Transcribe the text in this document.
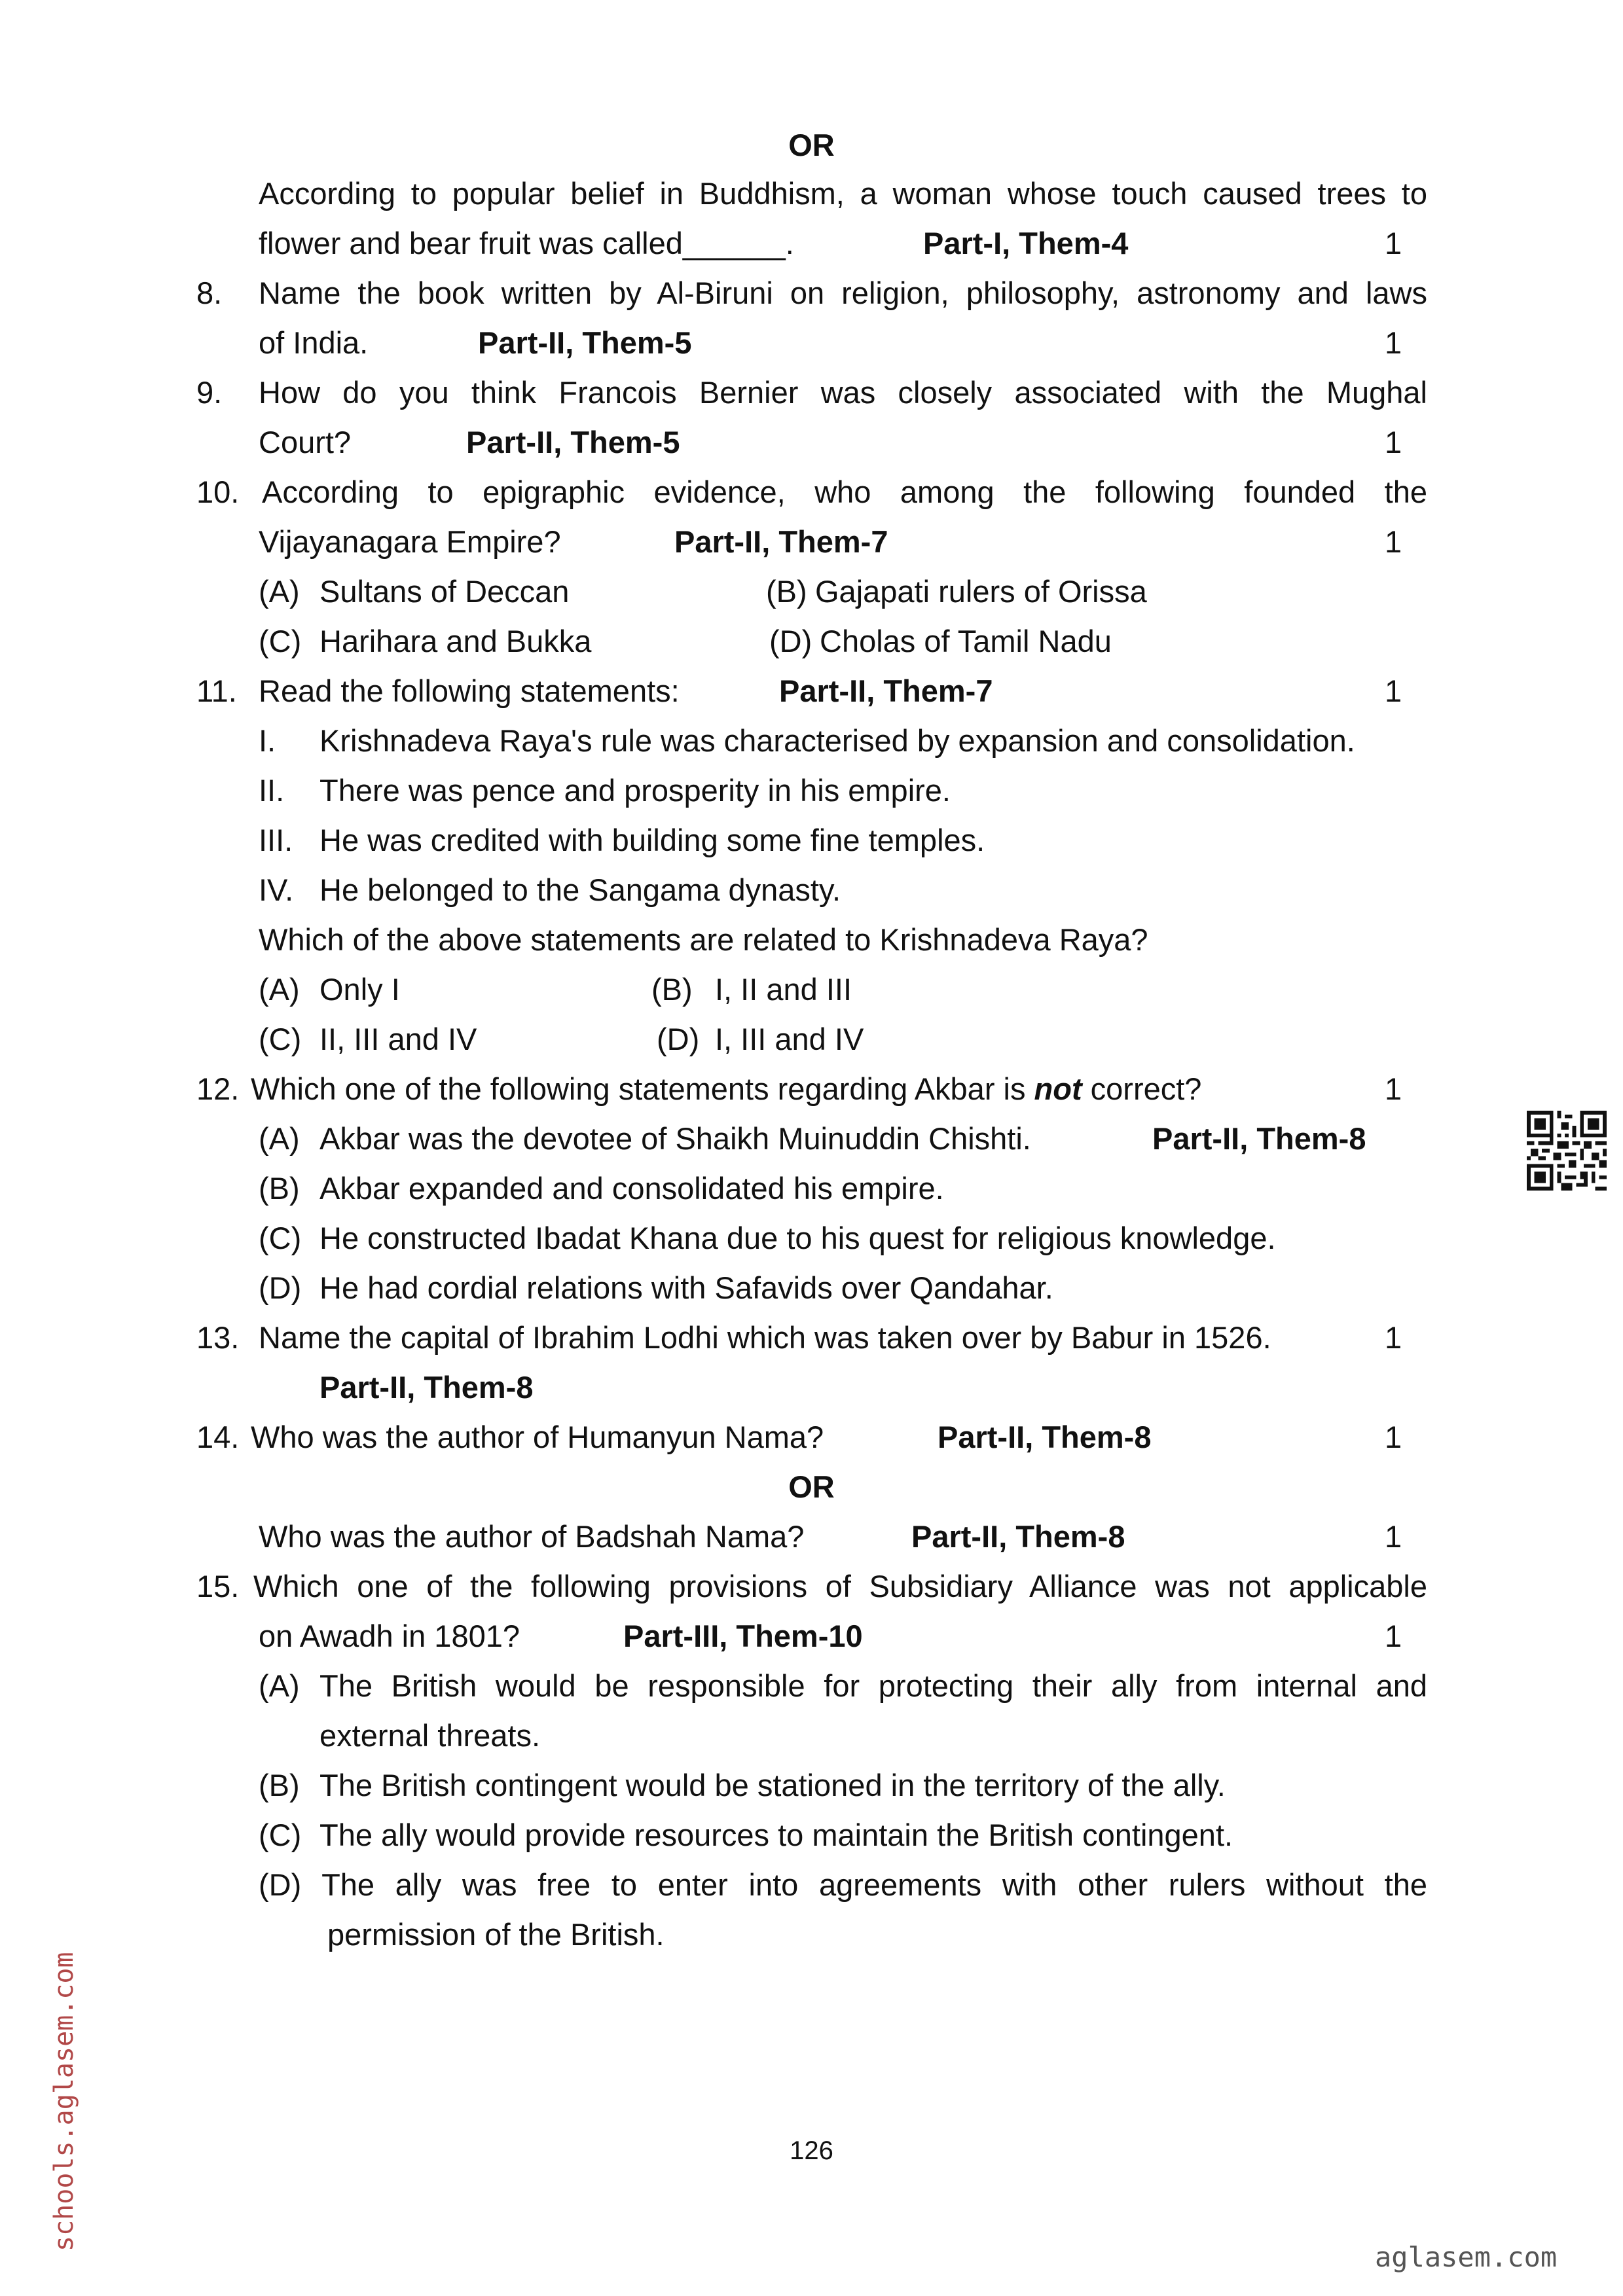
OR
According to popular belief in Buddhism, a woman whose touch caused trees to
flower and bear fruit was called______.	Part-I, Them-4	1
8. Name the book written by Al-Biruni on religion, philosophy, astronomy and laws
of India.	Part-II, Them-5	1
9. How do you think Francois Bernier was closely associated with the Mughal
Court?	Part-II, Them-5	1
10. According to epigraphic evidence, who among the following founded the
Vijayanagara Empire?	Part-II, Them-7	1
(A) Sultans of Deccan	(B) Gajapati rulers of Orissa
(C) Harihara and Bukka	(D) Cholas of Tamil Nadu
11. Read the following statements:	Part-II, Them-7	1
I. Krishnadeva Raya's rule was characterised by expansion and consolidation.
II. There was pence and prosperity in his empire.
III. He was credited with building some fine temples.
IV. He belonged to the Sangama dynasty.
Which of the above statements are related to Krishnadeva Raya?
(A) Only I	(B) I, II and III
(C) II, III and IV	(D) I, III and IV
12. Which one of the following statements regarding Akbar is not correct?	1
(A) Akbar was the devotee of Shaikh Muinuddin Chishti.	Part-II, Them-8
(B) Akbar expanded and consolidated his empire.
(C) He constructed Ibadat Khana due to his quest for religious knowledge.
(D) He had cordial relations with Safavids over Qandahar.
13. Name the capital of Ibrahim Lodhi which was taken over by Babur in 1526.	1
Part-II, Them-8
14. Who was the author of Humanyun Nama?	Part-II, Them-8	1
OR
Who was the author of Badshah Nama?	Part-II, Them-8	1
15. Which one of the following provisions of Subsidiary Alliance was not applicable
on Awadh in 1801?	Part-III, Them-10	1
(A) The British would be responsible for protecting their ally from internal and
external threats.
(B) The British contingent would be stationed in the territory of the ally.
(C) The ally would provide resources to maintain the British contingent.
(D) The ally was free to enter into agreements with other rulers without the
permission of the British.
126
schools.aglasem.com
aglasem.com
